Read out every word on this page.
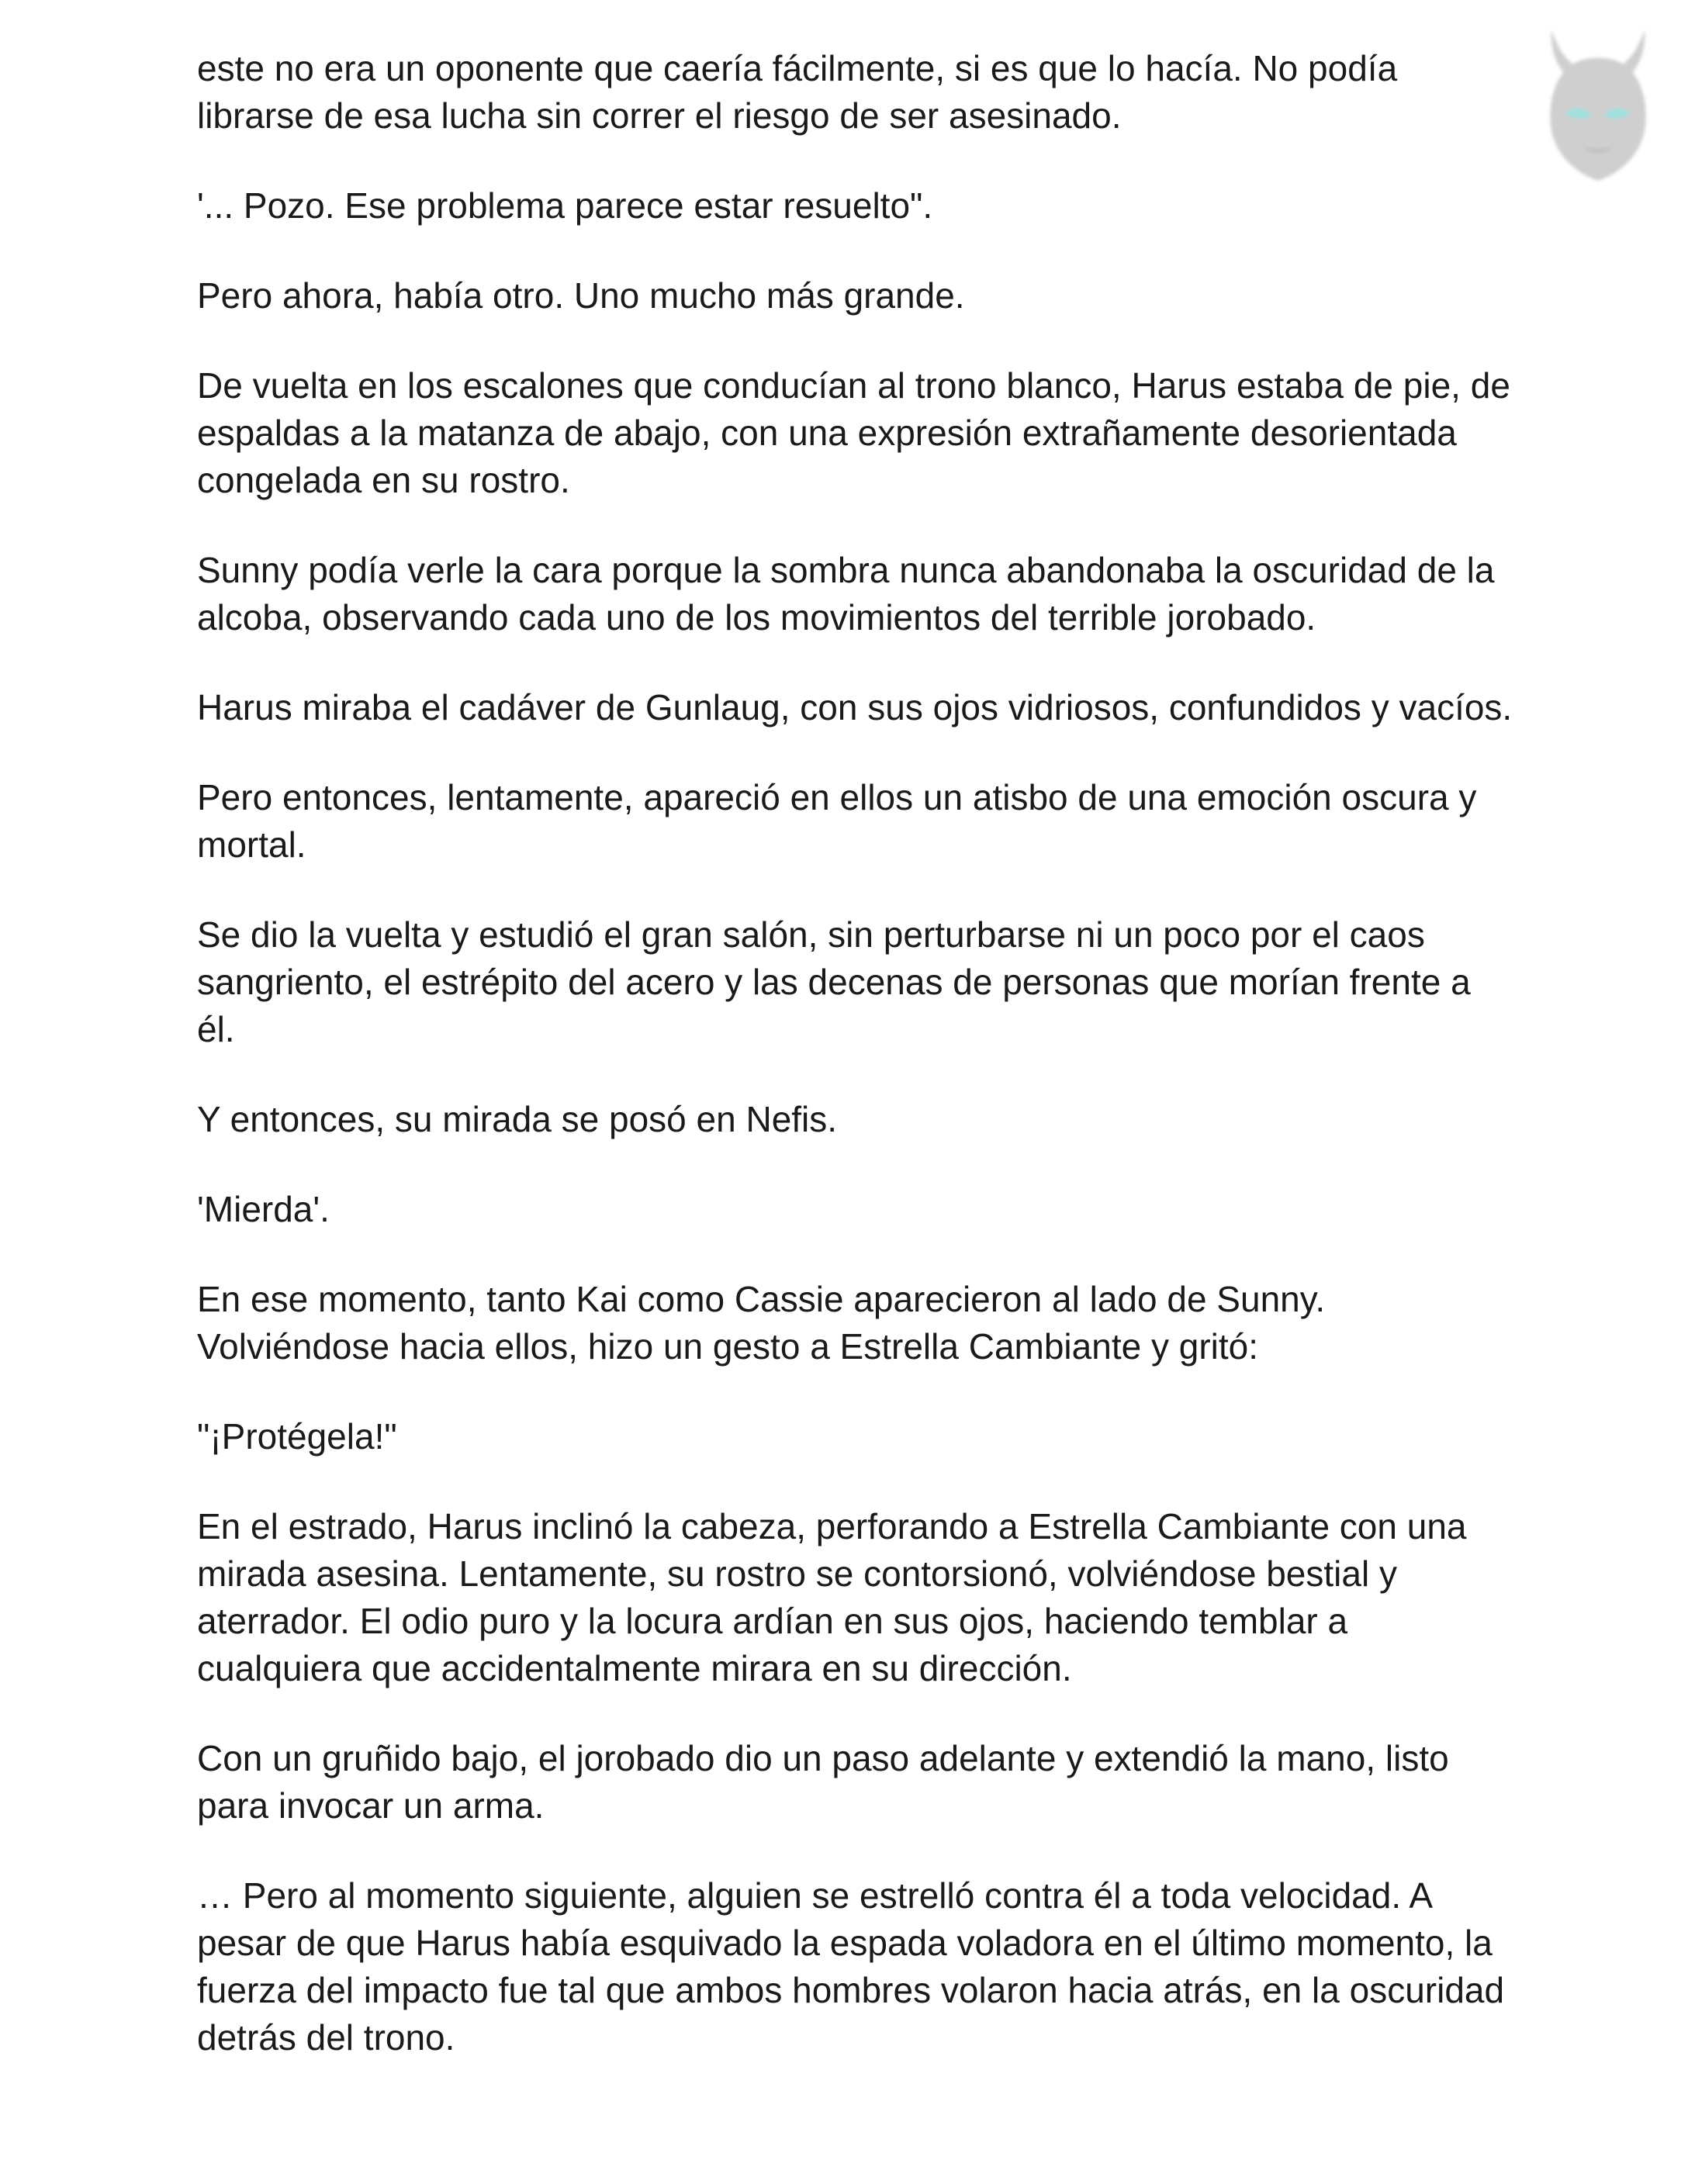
este no era un oponente que caería fácilmente, si es que lo hacía. No podía librarse de esa lucha sin correr el riesgo de ser asesinado.

'... Pozo. Ese problema parece estar resuelto".

Pero ahora, había otro. Uno mucho más grande.

De vuelta en los escalones que conducían al trono blanco, Harus estaba de pie, de espaldas a la matanza de abajo, con una expresión extrañamente desorientada congelada en su rostro.

Sunny podía verle la cara porque la sombra nunca abandonaba la oscuridad de la alcoba, observando cada uno de los movimientos del terrible jorobado.

Harus miraba el cadáver de Gunlaug, con sus ojos vidriosos, confundidos y vacíos.

Pero entonces, lentamente, apareció en ellos un atisbo de una emoción oscura y mortal.

Se dio la vuelta y estudió el gran salón, sin perturbarse ni un poco por el caos sangriento, el estrépito del acero y las decenas de personas que morían frente a él.

Y entonces, su mirada se posó en Nefis.

'Mierda'.

En ese momento, tanto Kai como Cassie aparecieron al lado de Sunny. Volviéndose hacia ellos, hizo un gesto a Estrella Cambiante y gritó:

"¡Protégela!"

En el estrado, Harus inclinó la cabeza, perforando a Estrella Cambiante con una mirada asesina. Lentamente, su rostro se contorsionó, volviéndose bestial y aterrador. El odio puro y la locura ardían en sus ojos, haciendo temblar a cualquiera que accidentalmente mirara en su dirección.

Con un gruñido bajo, el jorobado dio un paso adelante y extendió la mano, listo para invocar un arma.

… Pero al momento siguiente, alguien se estrelló contra él a toda velocidad. A pesar de que Harus había esquivado la espada voladora en el último momento, la fuerza del impacto fue tal que ambos hombres volaron hacia atrás, en la oscuridad detrás del trono.
